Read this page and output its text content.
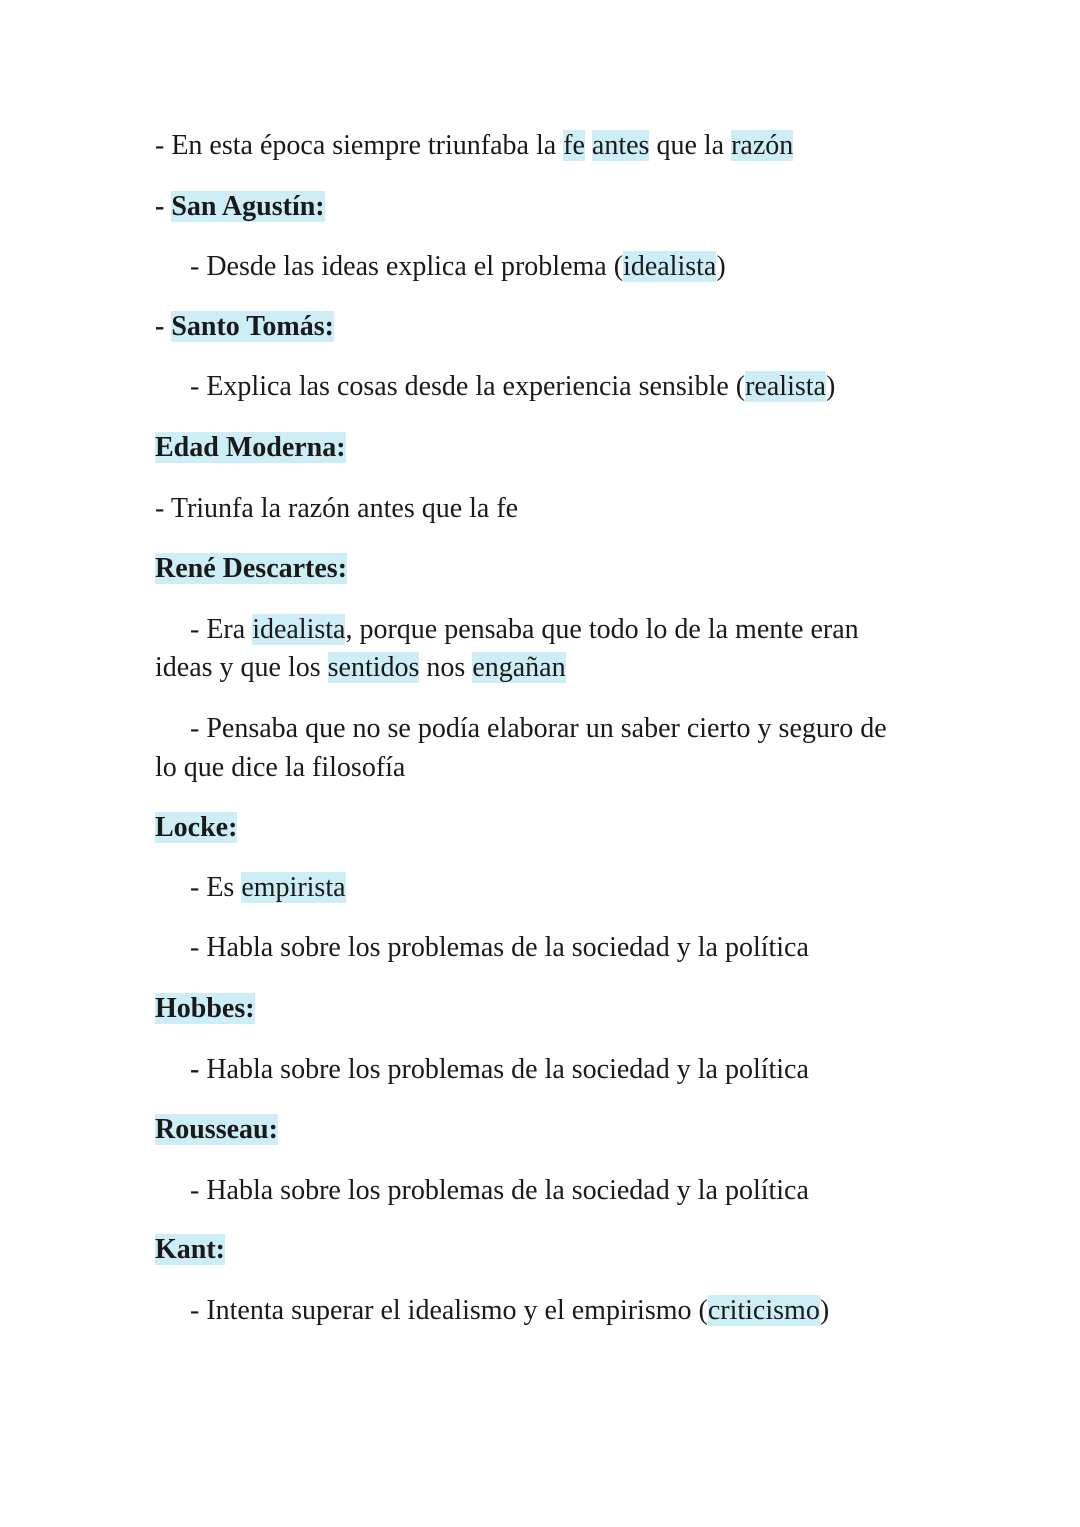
- En esta época siempre triunfaba la fe antes que la razón
- San Agustín:
- Desde las ideas explica el problema (idealista)
- Santo Tomás:
- Explica las cosas desde la experiencia sensible (realista)
Edad Moderna:
- Triunfa la razón antes que la fe
René Descartes:
- Era idealista, porque pensaba que todo lo de la mente eran
ideas y que los sentidos nos engañan
- Pensaba que no se podía elaborar un saber cierto y seguro de
lo que dice la filosofía
Locke:
- Es empirista
- Habla sobre los problemas de la sociedad y la política
Hobbes:
- Habla sobre los problemas de la sociedad y la política
Rousseau:
- Habla sobre los problemas de la sociedad y la política
Kant:
- Intenta superar el idealismo y el empirismo (criticismo)
